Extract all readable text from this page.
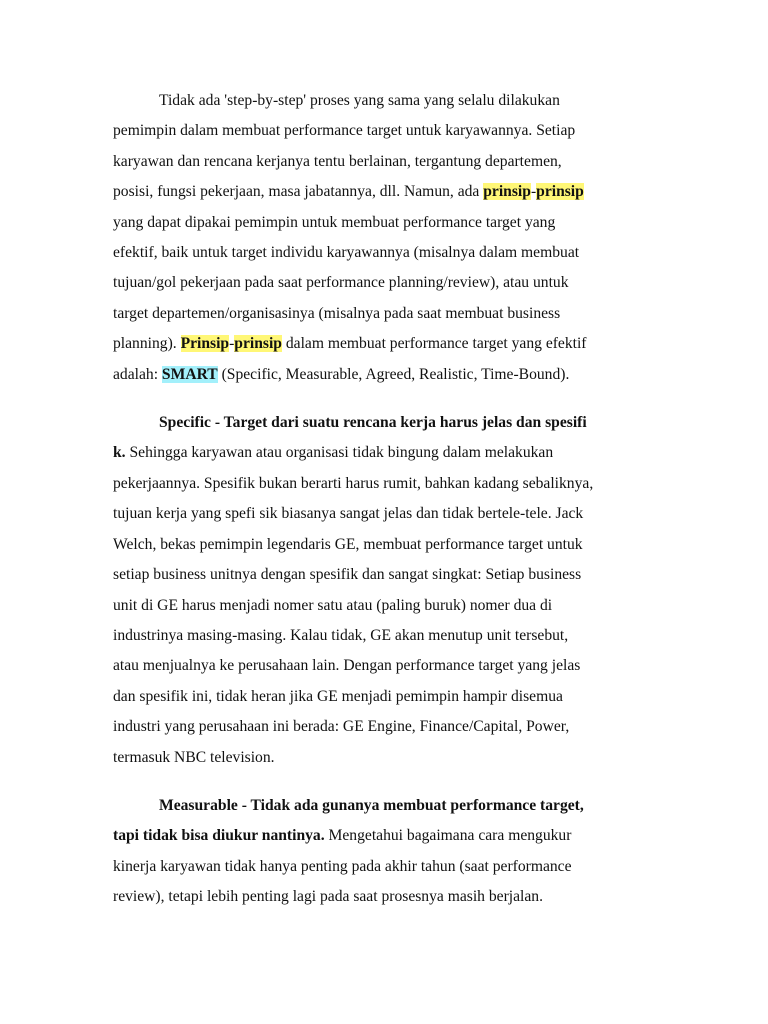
Tidak ada 'step-by-step' proses yang sama yang selalu dilakukan
pemimpin dalam membuat performance target untuk karyawannya. Setiap
karyawan dan rencana kerjanya tentu berlainan, tergantung departemen,
posisi, fungsi pekerjaan, masa jabatannya, dll. Namun, ada prinsip-prinsip
yang dapat dipakai pemimpin untuk membuat performance target yang
efektif, baik untuk target individu karyawannya (misalnya dalam membuat
tujuan/gol pekerjaan pada saat performance planning/review), atau untuk
target departemen/organisasinya (misalnya pada saat membuat business
planning). Prinsip-prinsip dalam membuat performance target yang efektif
adalah: SMART (Specific, Measurable, Agreed, Realistic, Time-Bound).
Specific - Target dari suatu rencana kerja harus jelas dan spesifi
k. Sehingga karyawan atau organisasi tidak bingung dalam melakukan
pekerjaannya. Spesifik bukan berarti harus rumit, bahkan kadang sebaliknya,
tujuan kerja yang spefi sik biasanya sangat jelas dan tidak bertele-tele. Jack
Welch, bekas pemimpin legendaris GE, membuat performance target untuk
setiap business unitnya dengan spesifik dan sangat singkat: Setiap business
unit di GE harus menjadi nomer satu atau (paling buruk) nomer dua di
industrinya masing-masing. Kalau tidak, GE akan menutup unit tersebut,
atau menjualnya ke perusahaan lain. Dengan performance target yang jelas
dan spesifik ini, tidak heran jika GE menjadi pemimpin hampir disemua
industri yang perusahaan ini berada: GE Engine, Finance/Capital, Power,
termasuk NBC television.
Measurable - Tidak ada gunanya membuat performance target,
tapi tidak bisa diukur nantinya. Mengetahui bagaimana cara mengukur
kinerja karyawan tidak hanya penting pada akhir tahun (saat performance
review), tetapi lebih penting lagi pada saat prosesnya masih berjalan.
